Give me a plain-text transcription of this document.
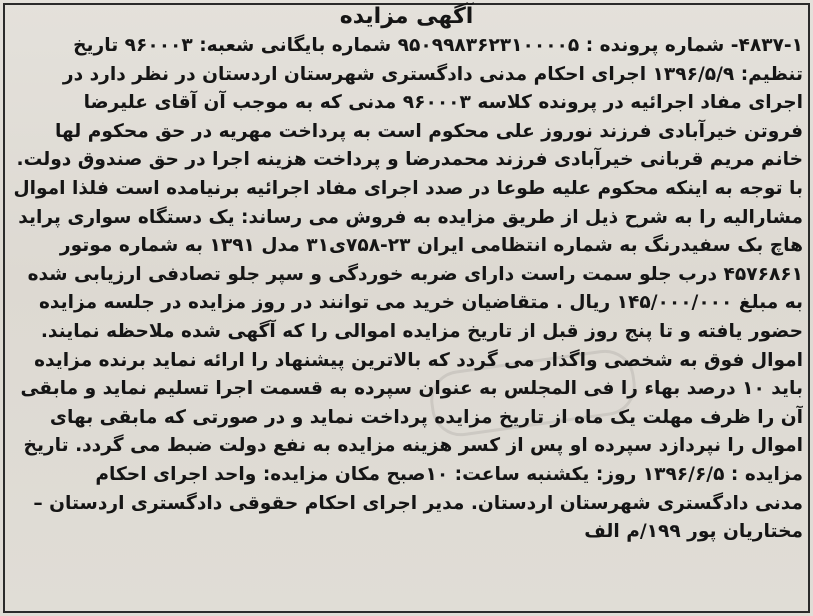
آگهی مزایده
۴۸۳۷-۱- شماره پرونده : ۹۵۰۹۹۸۳۶۲۳۱۰۰۰۰۵ شماره بایگانی شعبه: ۹۶۰۰۰۳ تاریخ
تنظیم: ۱۳۹۶/۵/۹ اجرای احکام مدنی دادگستری شهرستان اردستان در نظر دارد در
اجرای مفاد اجرائیه در پرونده کلاسه ۹۶۰۰۰۳ مدنی که به موجب آن آقای علیرضا
فروتن خیرآبادی فرزند نوروز علی محکوم است به پرداخت مهریه در حق محکوم لها
خانم مریم قربانی خیرآبادی فرزند محمدرضا و پرداخت هزینه اجرا در حق صندوق دولت.
با توجه به اینکه محکوم علیه طوعا در صدد اجرای مفاد اجرائیه برنیامده است فلذا اموال
مشارالیه را به شرح ذیل از طریق مزایده به فروش می رساند: یک دستگاه سواری پراید
هاچ بک سفیدرنگ به شماره انتظامی ایران ۲۳-۷۵۸ی۳۱ مدل ۱۳۹۱ به شماره موتور
۴۵۷۶۸۶۱ درب جلو سمت راست دارای ضربه خوردگی و سپر جلو تصادفی ارزیابی شده
به مبلغ ۱۴۵/۰۰۰/۰۰۰ ریال . متقاضیان خرید می توانند در روز مزایده در جلسه مزایده
حضور یافته و تا پنج روز قبل از تاریخ مزایده اموالی را که آگهی شده ملاحظه نمایند.
اموال فوق به شخصی واگذار می گردد که بالاترین پیشنهاد را ارائه نماید برنده مزایده
باید ۱۰ درصد بهاء را فی المجلس به عنوان سپرده به قسمت اجرا تسلیم نماید و مابقی
آن را ظرف مهلت یک ماه از تاریخ مزایده پرداخت نماید و در صورتی که مابقی بهای
اموال را نپردازد سپرده او پس از کسر هزینه مزایده به نفع دولت ضبط می گردد. تاریخ
مزایده : ۱۳۹۶/۶/۵ روز: یکشنبه ساعت: ۱۰صبح مکان مزایده: واحد اجرای احکام
مدنی دادگستری شهرستان اردستان. مدیر اجرای احکام حقوقی دادگستری اردستان –
مختاریان پور ۱۹۹/م الف
